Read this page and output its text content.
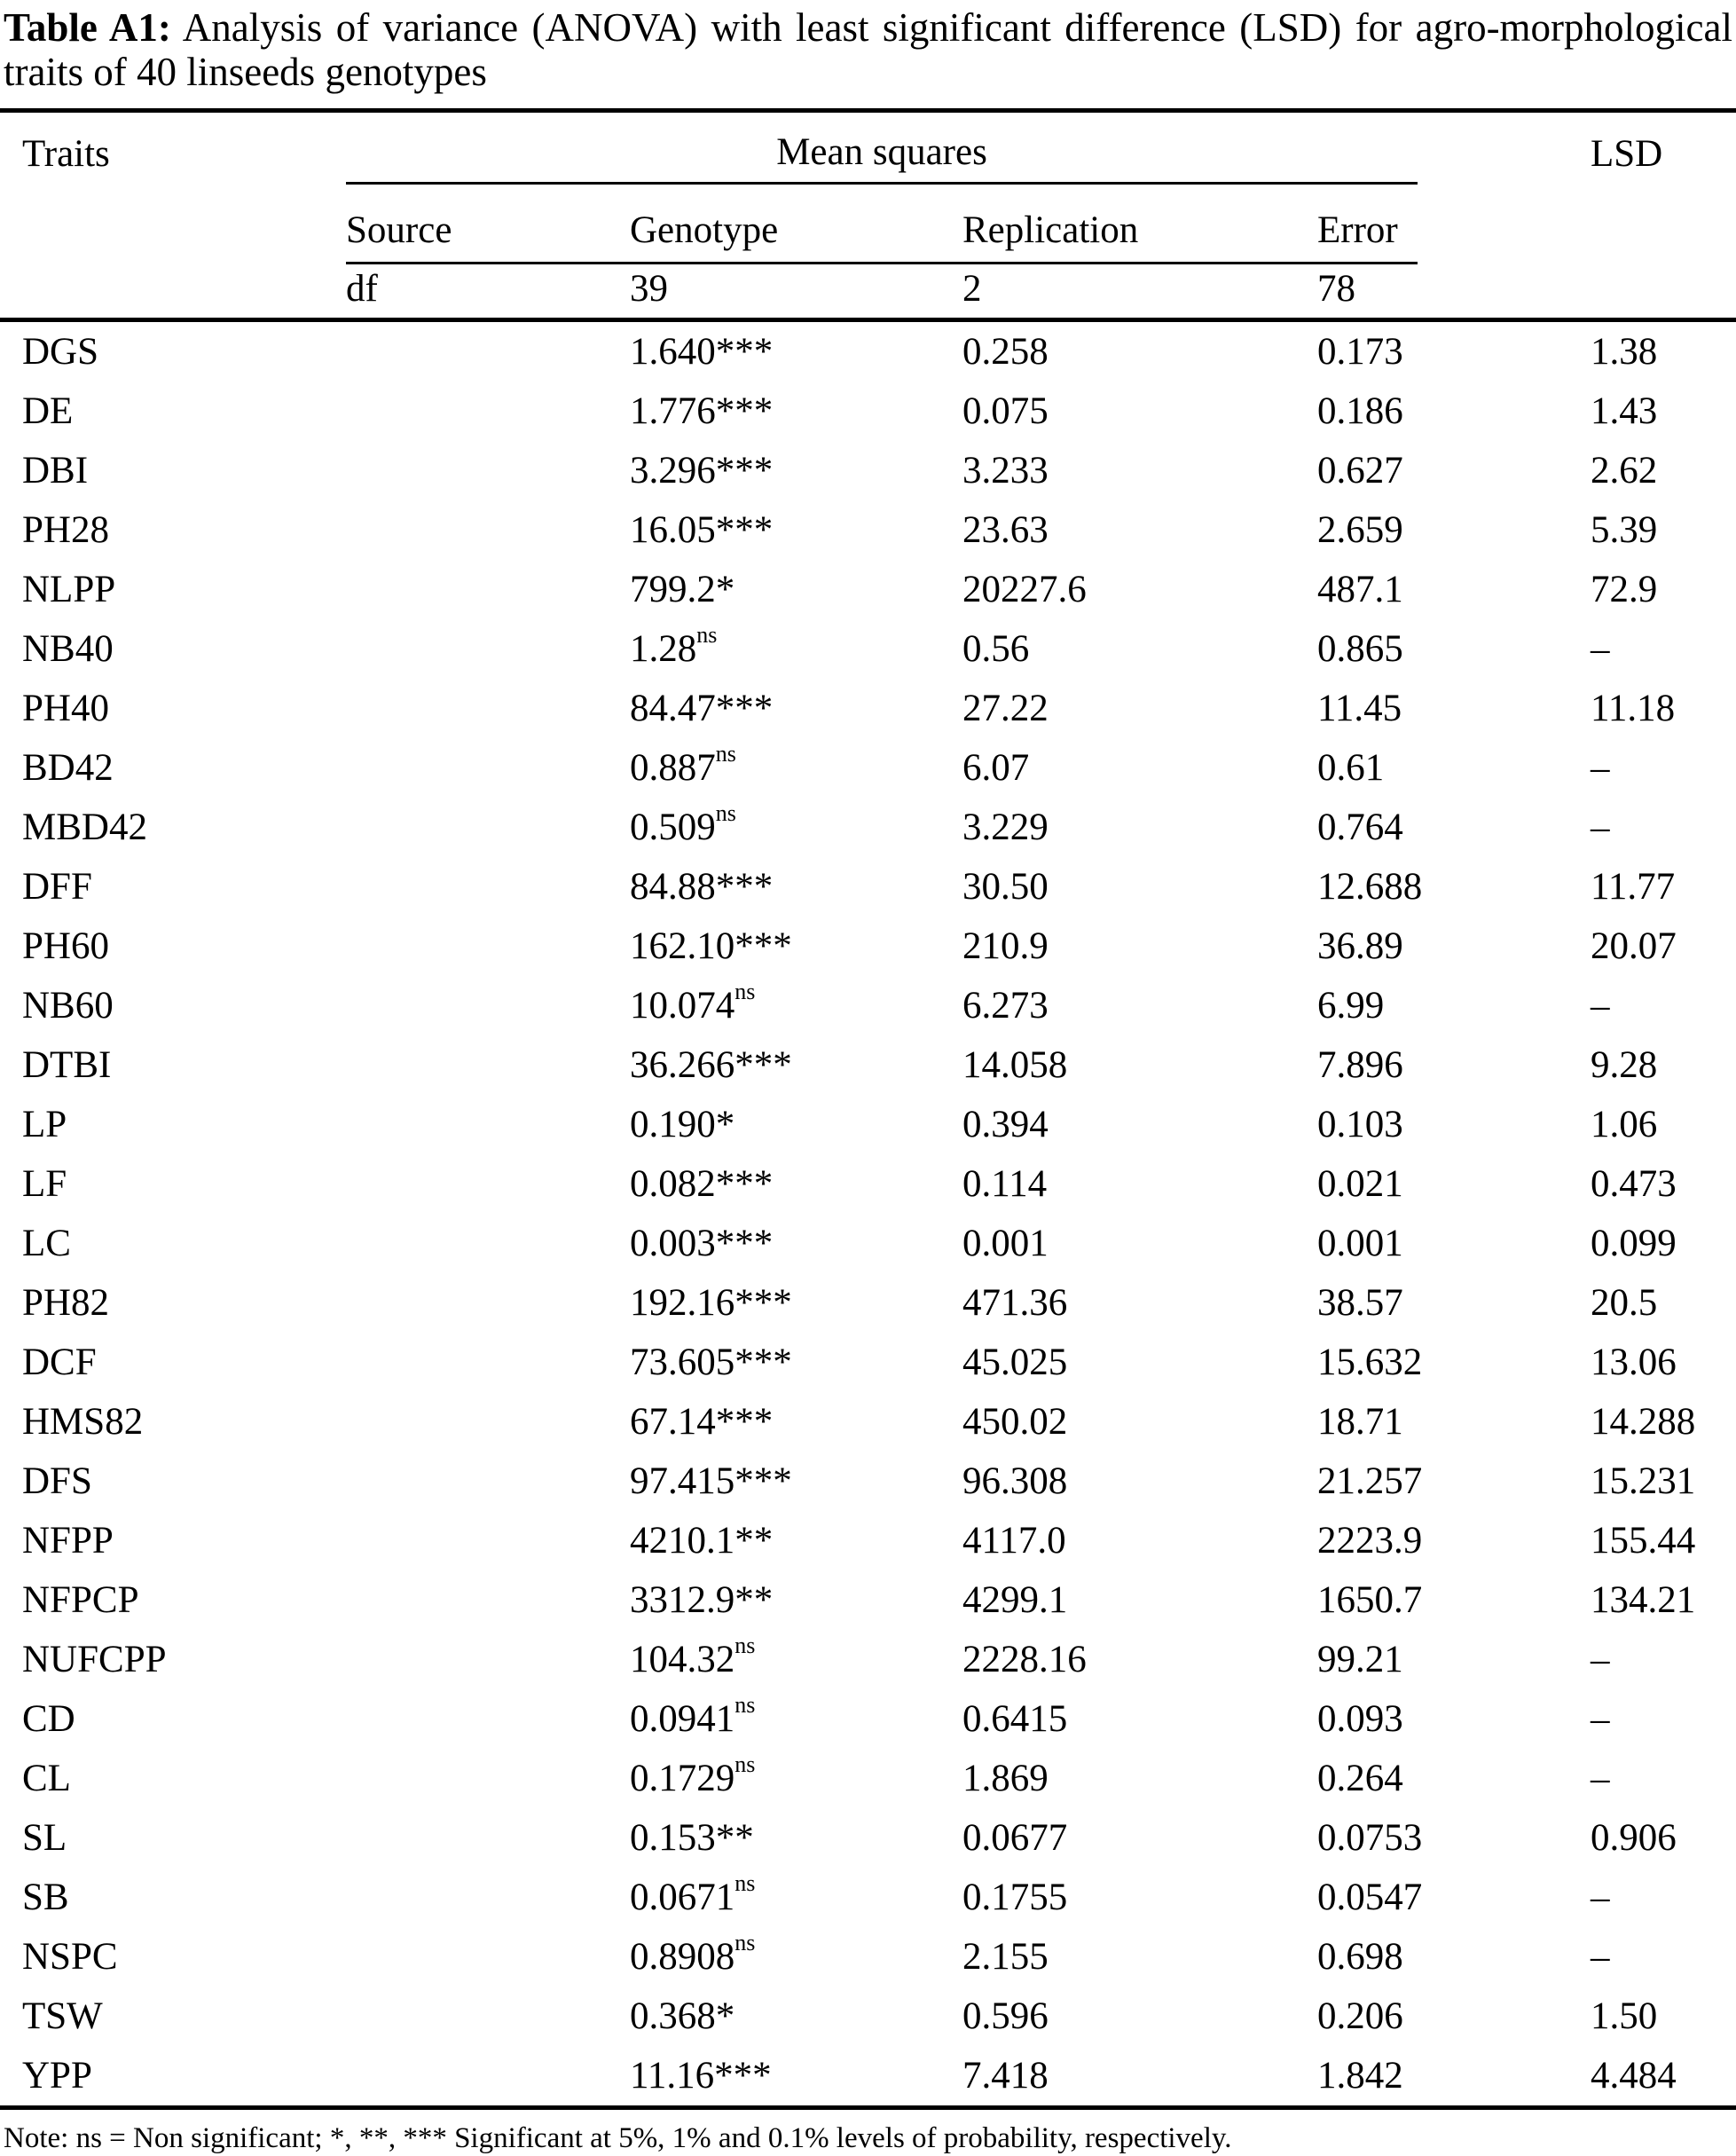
Table A1: Analysis of variance (ANOVA) with least significant difference (LSD) for agro-morphological
traits of 40 linseeds genotypes
Traits	Mean squares					LSD
	Source	Genotype	Replication	Error		
	df	39	2	78		
DGS		1.640***	0.258	0.173		1.38
DE		1.776***	0.075	0.186		1.43
DBI		3.296***	3.233	0.627		2.62
PH28		16.05***	23.63	2.659		5.39
NLPP		799.2*	20227.6	487.1		72.9
NB40		$1.28^{ns}$	0.56	0.865		–
PH40		84.47***	27.22	11.45		11.18
BD42		$0.887^{ns}$	6.07	0.61		–
MBD42		$0.509^{ns}$	3.229	0.764		–
DFF		84.88***	30.50	12.688		11.77
PH60		162.10***	210.9	36.89		20.07
NB60		$10.074^{ns}$	6.273	6.99		–
DTBI		36.266***	14.058	7.896		9.28
LP		0.190*	0.394	0.103		1.06
LF		0.082***	0.114	0.021		0.473
LC		0.003***	0.001	0.001		0.099
PH82		192.16***	471.36	38.57		20.5
DCF		73.605***	45.025	15.632		13.06
HMS82		67.14***	450.02	18.71		14.288
DFS		97.415***	96.308	21.257		15.231
NFPP		4210.1**	4117.0	2223.9		155.44
NFPCP		3312.9**	4299.1	1650.7		134.21
NUFCPP		$104.32^{ns}$	2228.16	99.21		–
CD		$0.0941^{ns}$	0.6415	0.093		–
CL		$0.1729^{ns}$	1.869	0.264		–
SL		0.153**	0.0677	0.0753		0.906
SB		$0.0671^{ns}$	0.1755	0.0547		–
NSPC		$0.8908^{ns}$	2.155	0.698		–
TSW		0.368*	0.596	0.206		1.50
YPP		11.16***	7.418	1.842		4.484
Note: ns = Non significant; *, **, *** Significant at 5%, 1% and 0.1% levels of probability, respectively.
